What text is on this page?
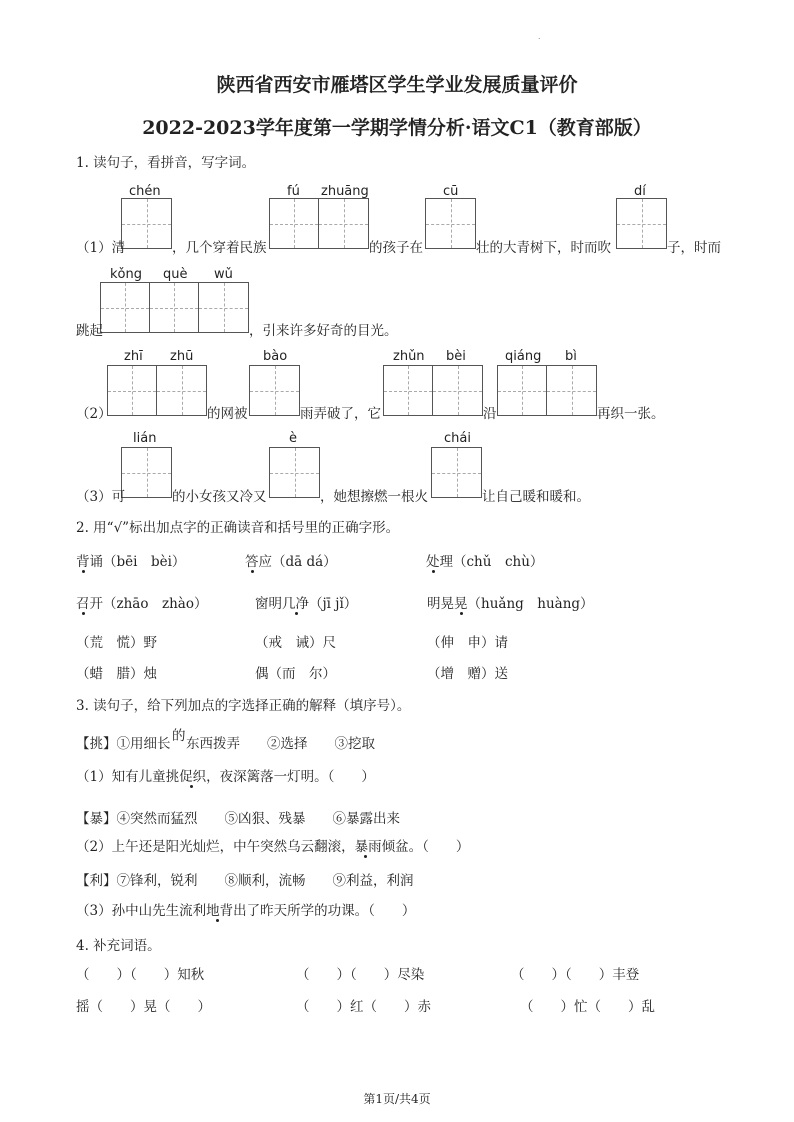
.
陕西省西安市雁塔区学生学业发展质量评价
2022-2023学年度第一学期学情分析·语文C1（教育部版）
1. 读句子，看拼音，写字词。
chén	fú zhuāng	cū	dí
（1）清	，几个穿着民族	的孩子在	壮的大青树下，时而吹	子，时而
kǒng què wǔ
跳起	，引来许多好奇的目光。
zhī zhū	bào	zhǔn bèi	qiáng bì
（2）	的网被	雨弄破了，它	沿	再织一张。
lián	è	chái
（3）可	的小女孩又冷又	，她想擦燃一根火	让自己暖和暖和。
2. 用“√”标出加点字的正确读音和括号里的正确字形。
背诵（bēi　bèi）	答应（dā dá）	处理（chǔ　chù）
召开（zhāo　zhào）	窗明几净（jī jǐ）	明晃晃（huǎng　huàng）
（荒　慌）野	（戒　诫）尺	（伸　申）请
（蜡　腊）烛	偶（而　尔）	（增　赠）送
3. 读句子，给下列加点的字选择正确的解释（填序号）。
【挑】①用细长 的 东西拨弄　　②选择　　③挖取
（1）知有儿童挑促织，夜深篱落一灯明。（　　）
【暴】④突然而猛烈　　⑤凶狠、残暴　　⑥暴露出来
（2）上午还是阳光灿烂，中午突然乌云翻滚，暴雨倾盆。（　　）
【利】⑦锋利，锐利　　⑧顺利，流畅　　⑨利益，利润
（3）孙中山先生流利地背出了昨天所学的功课。（　　）
4. 补充词语。
（　　）（　　）知秋	（　　）（　　）尽染	（　　）（　　）丰登
摇（　　）晃（　　）	（　　）红（　　）赤	（　　）忙（　　）乱
第1页/共4页
